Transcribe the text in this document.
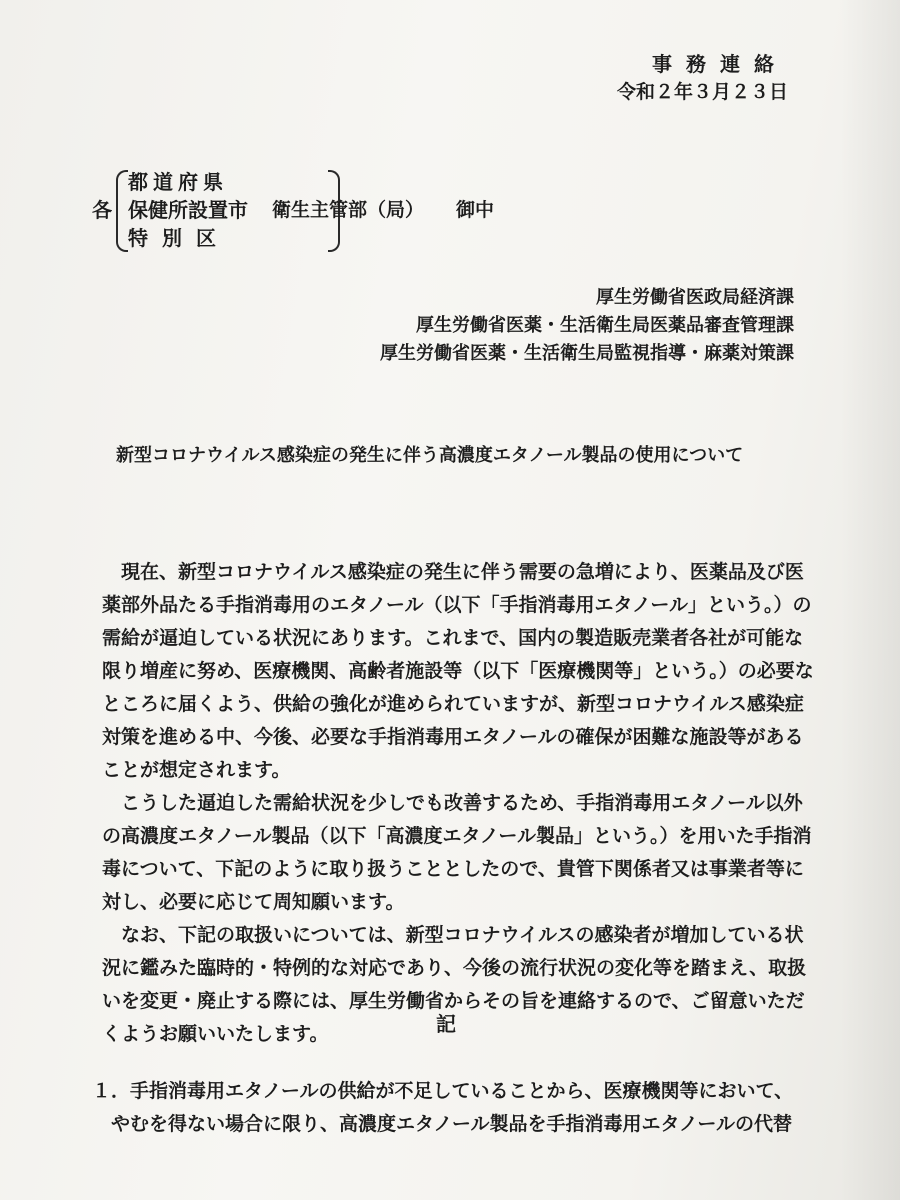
事務連絡
令和２年３月２３日
各
都道府県
保健所設置市
特別区
衛生主管部（局） 御中
厚生労働省医政局経済課
厚生労働省医薬・生活衛生局医薬品審査管理課
厚生労働省医薬・生活衛生局監視指導・麻薬対策課
新型コロナウイルス感染症の発生に伴う高濃度エタノール製品の使用について
　現在、新型コロナウイルス感染症の発生に伴う需要の急増により、医薬品及び医
薬部外品たる手指消毒用のエタノール（以下「手指消毒用エタノール」という。）の
需給が逼迫している状況にあります。これまで、国内の製造販売業者各社が可能な
限り増産に努め、医療機関、高齢者施設等（以下「医療機関等」という。）の必要な
ところに届くよう、供給の強化が進められていますが、新型コロナウイルス感染症
対策を進める中、今後、必要な手指消毒用エタノールの確保が困難な施設等がある
ことが想定されます。
　こうした逼迫した需給状況を少しでも改善するため、手指消毒用エタノール以外
の高濃度エタノール製品（以下「高濃度エタノール製品」という。）を用いた手指消
毒について、下記のように取り扱うこととしたので、貴管下関係者又は事業者等に
対し、必要に応じて周知願います。
　なお、下記の取扱いについては、新型コロナウイルスの感染者が増加している状
況に鑑みた臨時的・特例的な対応であり、今後の流行状況の変化等を踏まえ、取扱
いを変更・廃止する際には、厚生労働省からその旨を連絡するので、ご留意いただ
くようお願いいたします。	記
１．手指消毒用エタノールの供給が不足していることから、医療機関等において、
　やむを得ない場合に限り、高濃度エタノール製品を手指消毒用エタノールの代替
